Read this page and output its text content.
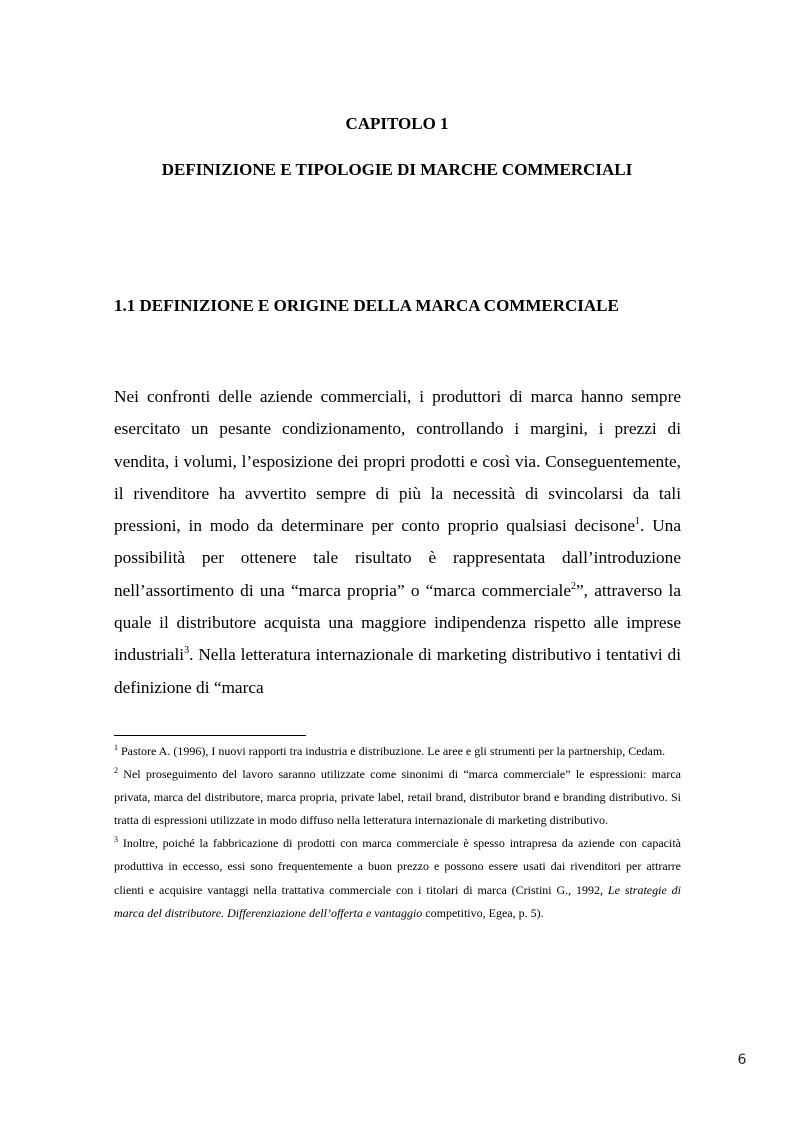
CAPITOLO 1
DEFINIZIONE E TIPOLOGIE DI MARCHE COMMERCIALI
1.1 DEFINIZIONE E ORIGINE DELLA MARCA COMMERCIALE

Nei confronti delle aziende commerciali, i produttori di marca hanno sempre esercitato un pesante condizionamento, controllando i margini, i prezzi di vendita, i volumi, l’esposizione dei propri prodotti e così via. Conseguentemente, il rivenditore ha avvertito sempre di più la necessità di svincolarsi da tali pressioni, in modo da determinare per conto proprio qualsiasi decisone$^1$. Una possibilità per ottenere tale risultato è rappresentata dall’introduzione nell’assortimento di una “marca propria” o “marca commerciale$^2$”, attraverso la quale il distributore acquista una maggiore indipendenza rispetto alle imprese industriali$^3$. Nella letteratura internazionale di marketing distributivo i tentativi di definizione di “marca

$^1$ Pastore A. (1996), I nuovi rapporti tra industria e distribuzione. Le aree e gli strumenti per la partnership, Cedam.

$^2$ Nel proseguimento del lavoro saranno utilizzate come sinonimi di “marca commerciale” le espressioni: marca privata, marca del distributore, marca propria, private label, retail brand, distributor brand e branding distributivo. Si tratta di espressioni utilizzate in modo diffuso nella letteratura internazionale di marketing distributivo.

$^3$ Inoltre, poiché la fabbricazione di prodotti con marca commerciale è spesso intrapresa da aziende con capacità produttiva in eccesso, essi sono frequentemente a buon prezzo e possono essere usati dai rivenditori per attrarre clienti e acquisire vantaggi nella trattativa commerciale con i titolari di marca (Cristini G., 1992, Le strategie di marca del distributore. Differenziazione dell’offerta e vantaggio competitivo, Egea, p. 5).

6
